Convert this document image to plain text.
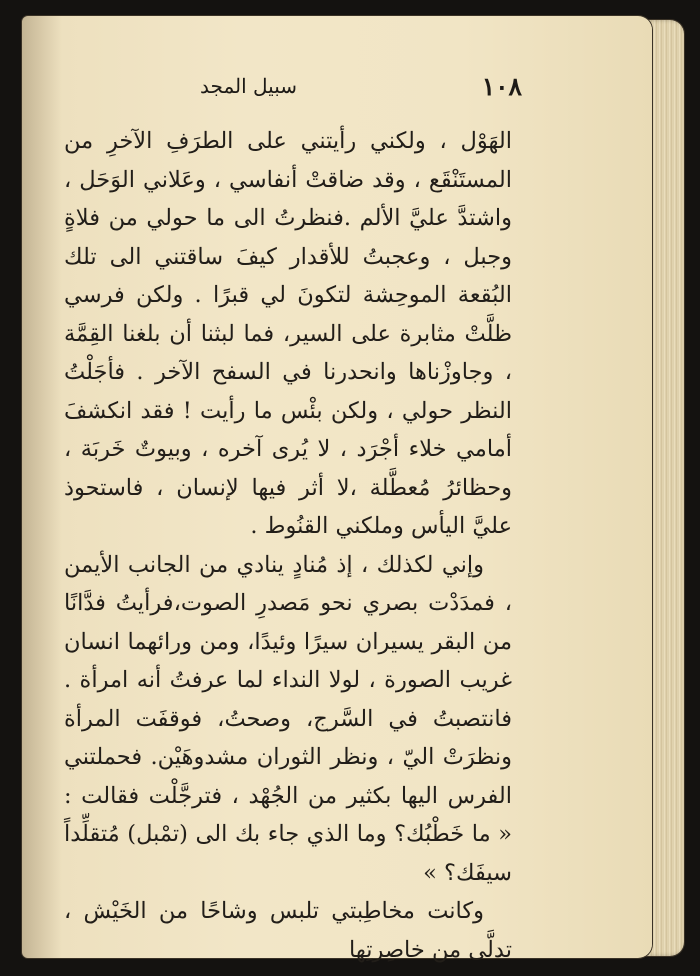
١٠٨
سبيل المجد

الهَوْل ، ولكني رأيتني على الطرَفِ الآخرِ من المستَنْقَع ، وقد ضاقتْ أنفاسي ، وعَلاني الوَحَل ، واشتدَّ عليَّ الألم .فنظرتُ الى ما حولي من فلاةٍ وجبل ، وعجبتُ للأقدار كيفَ ساقتني الى تلك البُقعة الموحِشة لتكونَ لي قبرًا . ولكن فرسي ظلَّتْ مثابرة على السير، فما لبثنا أن بلغنا القِمَّة ، وجاوزْناها وانحدرنا في السفح الآخر . فأجَلْتُ النظر حولي ، ولكن بئْس ما رأيت ! فقد انكشفَ أمامي خلاء أجْرَد ، لا يُرى آخره ، وبيوتٌ خَربَة ، وحظائرُ مُعطَّلة ،لا أثر فيها لإنسان ، فاستحوذ عليَّ اليأس وملكني القنُوط .

وإني لكذلك ، إذ مُنادٍ ينادي من الجانب الأيمن ، فمدَدْت بصري نحو مَصدرِ الصوت،فرأيتُ فدَّانًا من البقر يسيران سيرًا وئيدًا، ومن ورائهما انسان غريب الصورة ، لولا النداء لما عرفتُ أنه امرأة . فانتصبتُ في السَّرج، وصحتُ، فوقفَت المرأة ونظرَتْ اليّ ، ونظر الثوران مشدوهَيْن. فحملتني الفرس اليها بكثير من الجُهْد ، فترجَّلْت فقالت : « ما خَطْبُك؟ وما الذي جاء بك الى (تمْبل) مُتقلِّداً سيفَك؟ »

وكانت مخاطِبتي تلبس وشاحًا من الخَيْش ، تدلَّى من خاصِرتِها
